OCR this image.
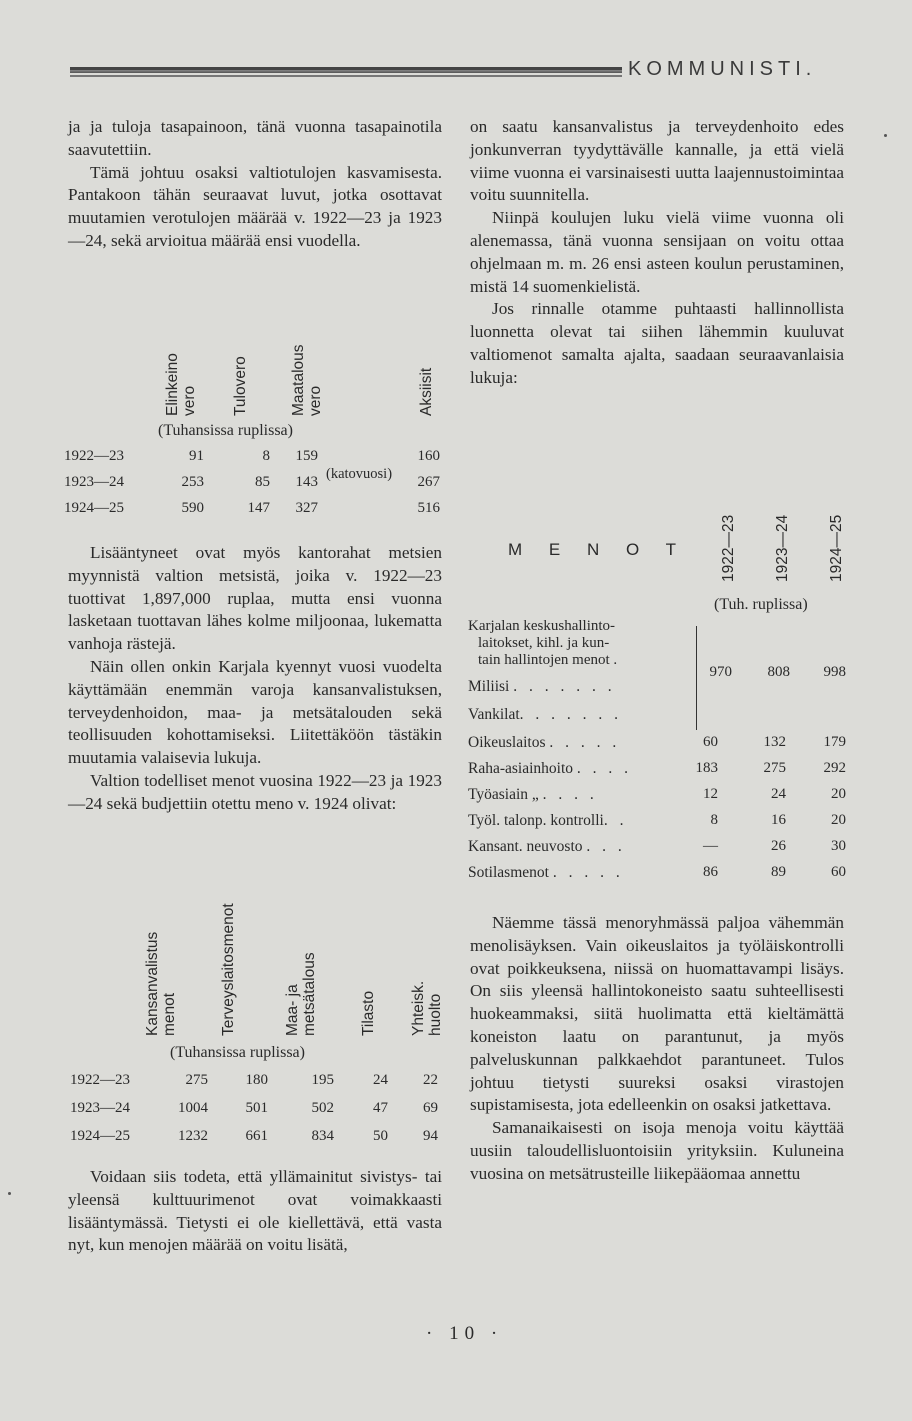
KOMMUNISTI.

ja ja tuloja tasapainoon, tänä vuonna tasapainotila saavutettiin.

Tämä johtuu osaksi valtiotulojen kasvamisesta. Pantakoon tähän seuraavat luvut, jotka osottavat muutamien verotulojen määrää v. 1922—23 ja 1923—24, sekä arvioitua määrää ensi vuodella.

Elinkeino vero Tulovero	Maatalous vero	Aksiisit
(Tuhansissa ruplissa)
1922—23	91	8	159	160
1923—24	253	85	143 (katovuosi)	267
1924—25	590	147	327	516

Lisääntyneet ovat myös kantorahat metsien myynnistä valtion metsistä, joika v. 1922—23 tuottivat 1,897,000 ruplaa, mutta ensi vuonna lasketaan tuottavan lähes kolme miljoonaa, lukematta vanhoja rästejä.

Näin ollen onkin Karjala kyennyt vuosi vuodelta käyttämään enemmän varoja kansanvalistuksen, terveydenhoidon, maa- ja metsätalouden sekä teollisuuden kohottamiseksi. Liitettäköön tästäkin muutamia valaisevia lukuja.

Valtion todelliset menot vuosina 1922—23 ja 1923—24 sekä budjettiin otettu meno v. 1924 olivat:

Kansanvalistus menot	Terveyslaitosmenot	Maa- ja metsätalous	Tilasto Yhteisk. huolto
(Tuhansissa ruplissa)
1922—23	275	180	195	24	22
1923—24	1004	501	502	47	69
1924—25	1232	661	834	50	94

Voidaan siis todeta, että yllämainitut sivistys- tai yleensä kulttuurimenot ovat voimakkaasti lisääntymässä. Tietysti ei ole kiellettävä, että vasta nyt, kun menojen määrää on voitu lisätä,

on saatu kansanvalistus ja terveydenhoito edes jonkunverran tyydyttävälle kannalle, ja että vielä viime vuonna ei varsinaisesti uutta laajennustoimintaa voitu suunnitella.

Niinpä koulujen luku vielä viime vuonna oli alenemassa, tänä vuonna sensijaan on voitu ottaa ohjelmaan m. m. 26 ensi asteen koulun perustaminen, mistä 14 suomenkielistä.

Jos rinnalle otamme puhtaasti hallinnollista luonnetta olevat tai siihen lähemmin kuuluvat valtiomenot samalta ajalta, saadaan seuraavanlaisia lukuja:

M E N O T 1922—23 1923—24 1924—25
(Tuh. ruplissa)
Karjalan keskushallinto-
laitokset, kihl. ja kun-
tain hallintojen menot .
Miliisi . . . . . . .
Vankilat. . . . . . .
970	808	998
Oikeuslaitos . . . . .	60	132	179
Raha-asiainhoito . . . .	183	275	292
Työasiain „ . . . .	12	24	20
Työl. talonp. kontrolli. .	8	16	20
Kansant. neuvosto . . .	—	26	30
Sotilasmenot . . . . .	86	89	60

Näemme tässä menoryhmässä paljoa vähemmän menolisäyksen. Vain oikeuslaitos ja työläiskontrolli ovat poikkeuksena, niissä on huomattavampi lisäys. On siis yleensä hallintokoneisto saatu suhteellisesti huokeammaksi, siitä huolimatta että kieltämättä koneiston laatu on parantunut, ja myös palveluskunnan palkkaehdot parantuneet. Tulos johtuu tietysti suureksi osaksi virastojen supistamisesta, jota edelleenkin on osaksi jatkettava.

Samanaikaisesti on isoja menoja voitu käyttää uusiin taloudellisluontoisiin yrityksiin. Kuluneina vuosina on metsätrusteille liikepääomaa annettu

· 10 ·
